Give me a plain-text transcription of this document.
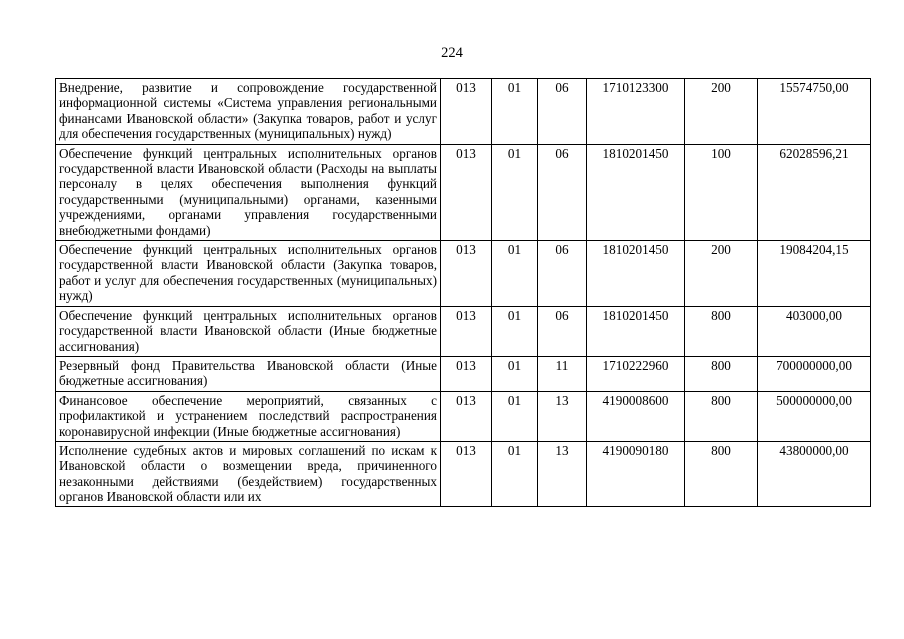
224
Внедрение, развитие и сопровождение государственной информационной системы «Система управления региональными финансами Ивановской области» (Закупка товаров, работ и услуг для обеспечения государственных (муниципальных) нужд)	013	01	06	1710123300	200	15574750,00
Обеспечение функций центральных исполнительных органов государственной власти Ивановской области (Расходы на выплаты персоналу в целях обеспечения выполнения функций государственными (муниципальными) органами, казенными учреждениями, органами управления государственными внебюджетными фондами)	013	01	06	1810201450	100	62028596,21
Обеспечение функций центральных исполнительных органов государственной власти Ивановской области (Закупка товаров, работ и услуг для обеспечения государственных (муниципальных) нужд)	013	01	06	1810201450	200	19084204,15
Обеспечение функций центральных исполнительных органов государственной власти Ивановской области (Иные бюджетные ассигнования)	013	01	06	1810201450	800	403000,00
Резервный фонд Правительства Ивановской области (Иные бюджетные ассигнования)	013	01	11	1710222960	800	700000000,00
Финансовое обеспечение мероприятий, связанных с профилактикой и устранением последствий распространения коронавирусной инфекции (Иные бюджетные ассигнования)	013	01	13	4190008600	800	500000000,00

Исполнение судебных актов и мировых соглашений по искам к Ивановской области о возмещении вреда, причиненного незаконными действиями (бездействием) государственных органов Ивановской области или их	013	01	13	4190090180	800	43800000,00
